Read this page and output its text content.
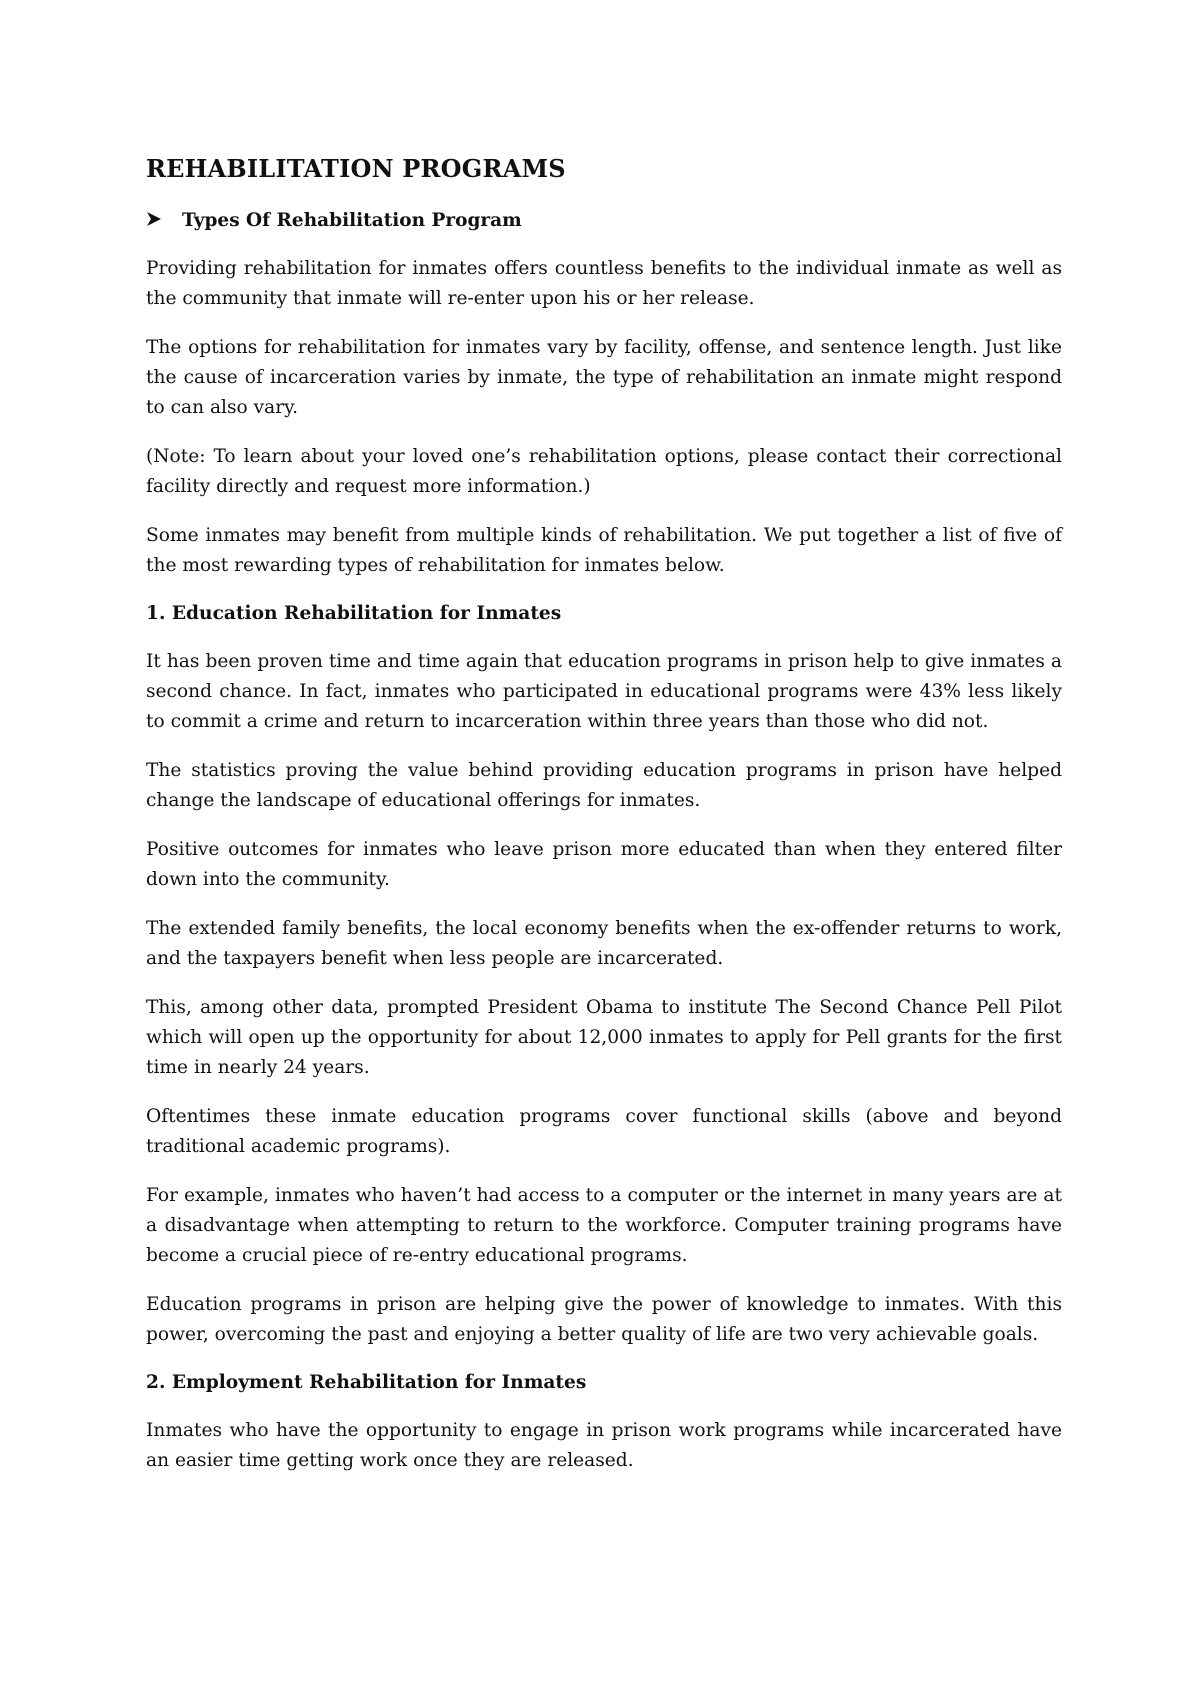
REHABILITATION PROGRAMS
Types Of Rehabilitation Program

Providing rehabilitation for inmates offers countless benefits to the individual inmate as well as the community that inmate will re-enter upon his or her release.

The options for rehabilitation for inmates vary by facility, offense, and sentence length. Just like the cause of incarceration varies by inmate, the type of rehabilitation an inmate might respond to can also vary.

(Note: To learn about your loved one’s rehabilitation options, please contact their correctional facility directly and request more information.)

Some inmates may benefit from multiple kinds of rehabilitation. We put together a list of five of the most rewarding types of rehabilitation for inmates below.

1. Education Rehabilitation for Inmates

It has been proven time and time again that education programs in prison help to give inmates a second chance. In fact, inmates who participated in educational programs were 43% less likely to commit a crime and return to incarceration within three years than those who did not.

The statistics proving the value behind providing education programs in prison have helped change the landscape of educational offerings for inmates.

Positive outcomes for inmates who leave prison more educated than when they entered filter down into the community.

The extended family benefits, the local economy benefits when the ex-offender returns to work, and the taxpayers benefit when less people are incarcerated.

This, among other data, prompted President Obama to institute The Second Chance Pell Pilot which will open up the opportunity for about 12,000 inmates to apply for Pell grants for the first time in nearly 24 years.

Oftentimes these inmate education programs cover functional skills (above and beyond traditional academic programs).

For example, inmates who haven’t had access to a computer or the internet in many years are at a disadvantage when attempting to return to the workforce. Computer training programs have become a crucial piece of re-entry educational programs.

Education programs in prison are helping give the power of knowledge to inmates. With this power, overcoming the past and enjoying a better quality of life are two very achievable goals.

2. Employment Rehabilitation for Inmates

Inmates who have the opportunity to engage in prison work programs while incarcerated have an easier time getting work once they are released.
